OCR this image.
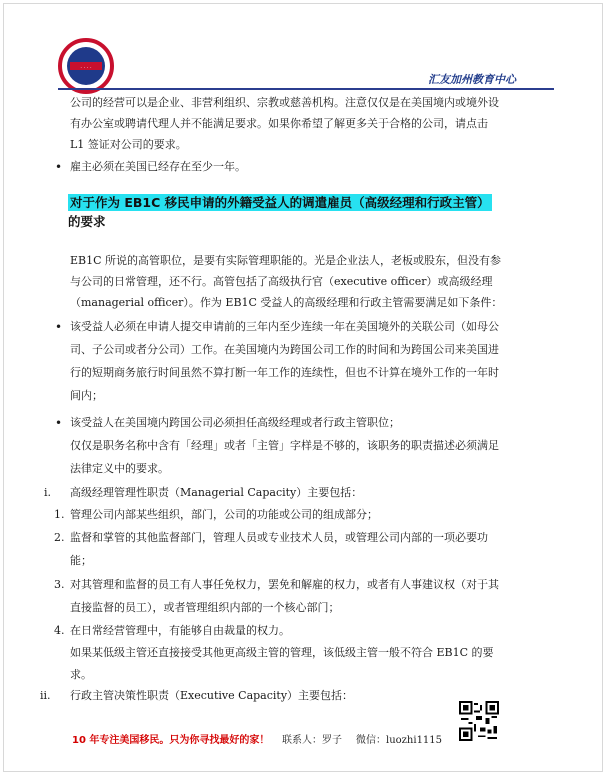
· · · ·
汇友加州教育中心
公司的经营可以是企业、非营利组织、宗教或慈善机构。注意仅仅是在美国境内或境外设
有办公室或聘请代理人并不能满足要求。如果你希望了解更多关于合格的公司，请点击
L1 签证对公司的要求。
• 雇主必须在美国已经存在至少一年。
对于作为 EB1C 移民申请的外籍受益人的调遣雇员（高级经理和行政主管）
的要求
EB1C 所说的高管职位，是要有实际管理职能的。光是企业法人，老板或股东，但没有参
与公司的日常管理，还不行。高管包括了高级执行官（executive officer）或高级经理
（managerial officer）。作为 EB1C 受益人的高级经理和行政主管需要满足如下条件：
• 该受益人必须在申请人提交申请前的三年内至少连续一年在美国境外的关联公司（如母公
司、子公司或者分公司）工作。在美国境内为跨国公司工作的时间和为跨国公司来美国进
行的短期商务旅行时间虽然不算打断一年工作的连续性，但也不计算在境外工作的一年时
间内；
• 该受益人在美国境内跨国公司必须担任高级经理或者行政主管职位；
仅仅是职务名称中含有「经理」或者「主管」字样是不够的，该职务的职责描述必须满足
法律定义中的要求。
i. 高级经理管理性职责（Managerial Capacity）主要包括：
1. 管理公司内部某些组织，部门，公司的功能或公司的组成部分；
2. 监督和掌管的其他监督部门，管理人员或专业技术人员，或管理公司内部的一项必要功
能；
3. 对其管理和监督的员工有人事任免权力，罢免和解雇的权力，或者有人事建议权（对于其
直接监督的员工），或者管理组织内部的一个核心部门；
4. 在日常经营管理中，有能够自由裁量的权力。
如果某低级主管还直接接受其他更高级主管的管理，该低级主管一般不符合 EB1C 的要
求。
ii. 行政主管决策性职责（Executive Capacity）主要包括：
10 年专注美国移民。只为你寻找最好的家！ 联系人：罗子 微信：luozhi1115
